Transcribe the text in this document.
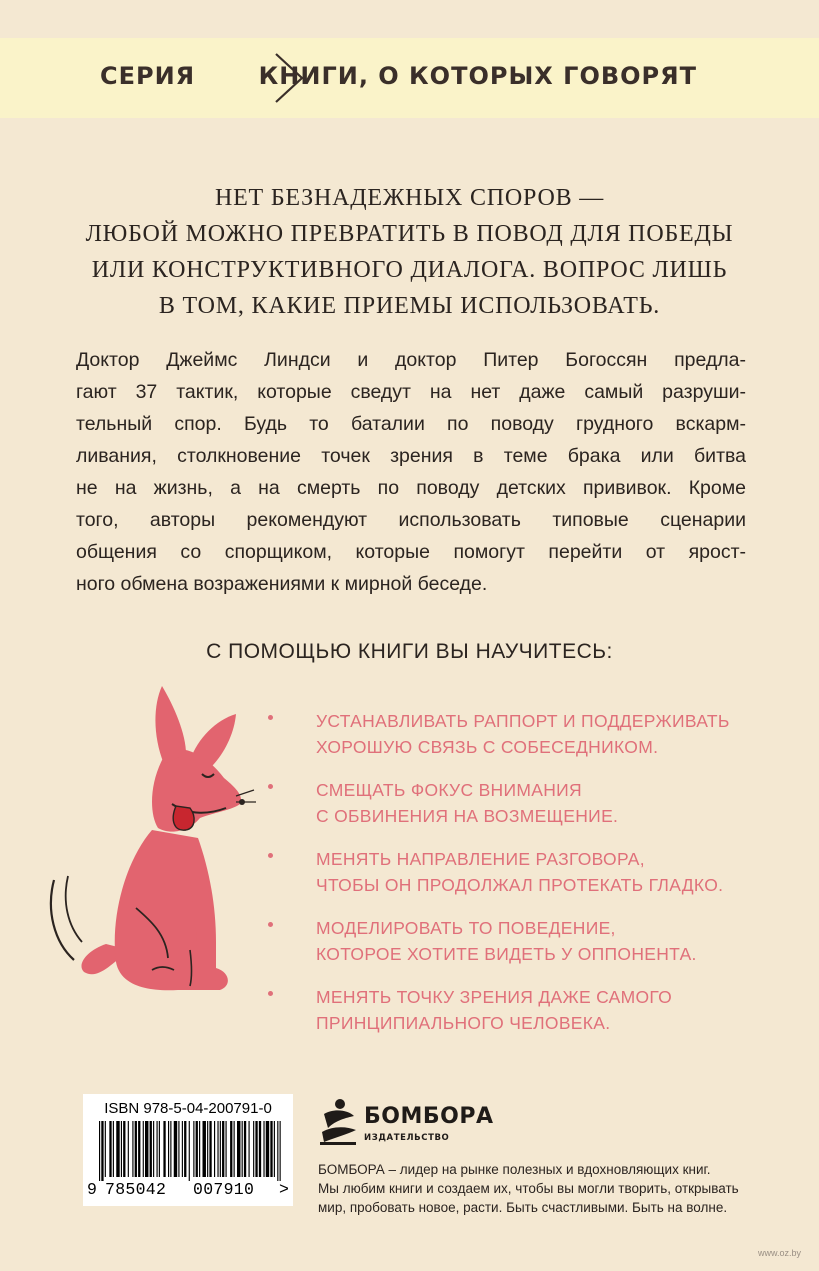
СЕРИЯ	КНИГИ, О КОТОРЫХ ГОВОРЯТ
НЕТ БЕЗНАДЕЖНЫХ СПОРОВ —
ЛЮБОЙ МОЖНО ПРЕВРАТИТЬ В ПОВОД ДЛЯ ПОБЕДЫ
ИЛИ КОНСТРУКТИВНОГО ДИАЛОГА. ВОПРОС ЛИШЬ
В ТОМ, КАКИЕ ПРИЕМЫ ИСПОЛЬЗОВАТЬ.
Доктор Джеймс Линдси и доктор Питер Богоссян предла-
гают 37 тактик, которые сведут на нет даже самый разруши-
тельный спор. Будь то баталии по поводу грудного вскарм-
ливания, столкновение точек зрения в теме брака или битва
не на жизнь, а на смерть по поводу детских прививок. Кроме
того, авторы рекомендуют использовать типовые сценарии
общения со спорщиком, которые помогут перейти от ярост-
ного обмена возражениями к мирной беседе.
С ПОМОЩЬЮ КНИГИ ВЫ НАУЧИТЕСЬ:
УСТАНАВЛИВАТЬ РАППОРТ И ПОДДЕРЖИВАТЬ
ХОРОШУЮ СВЯЗЬ С СОБЕСЕДНИКОМ.
СМЕЩАТЬ ФОКУС ВНИМАНИЯ
С ОБВИНЕНИЯ НА ВОЗМЕЩЕНИЕ.
МЕНЯТЬ НАПРАВЛЕНИЕ РАЗГОВОРА,
ЧТОБЫ ОН ПРОДОЛЖАЛ ПРОТЕКАТЬ ГЛАДКО.
МОДЕЛИРОВАТЬ ТО ПОВЕДЕНИЕ,
КОТОРОЕ ХОТИТЕ ВИДЕТЬ У ОППОНЕНТА.
МЕНЯТЬ ТОЧКУ ЗРЕНИЯ ДАЖЕ САМОГО
ПРИНЦИПИАЛЬНОГО ЧЕЛОВЕКА.
ISBN 978-5-04-200791-0
9 785042 007910 >
БОМБОРА
ИЗДАТЕЛЬСТВО
БОМБОРА – лидер на рынке полезных и вдохновляющих книг.
Мы любим книги и создаем их, чтобы вы могли творить, открывать
мир, пробовать новое, расти. Быть счастливыми. Быть на волне.
www.oz.by
